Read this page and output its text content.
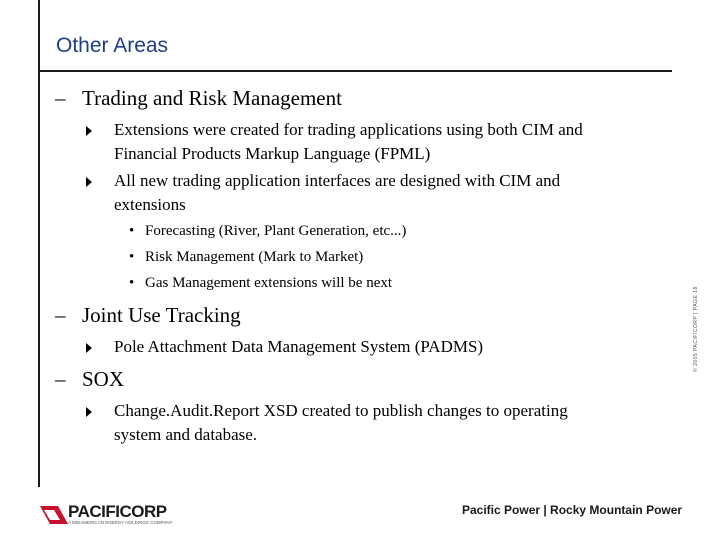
Other Areas
– Trading and Risk Management
Extensions were created for trading applications using both CIM and
Financial Products Markup Language (FPML)
All new trading application interfaces are designed with CIM and
extensions
• Forecasting (River, Plant Generation, etc...)
• Risk Management (Mark to Market)
• Gas Management extensions will be next
– Joint Use Tracking
Pole Attachment Data Management System (PADMS)
– SOX
Change.Audit.Report XSD created to publish changes to operating
system and database.
© 2005 PACIFICORP | PAGE 18
PACIFICORP
A MIDAMERICAN ENERGY HOLDINGS COMPANY
Pacific Power | Rocky Mountain Power
